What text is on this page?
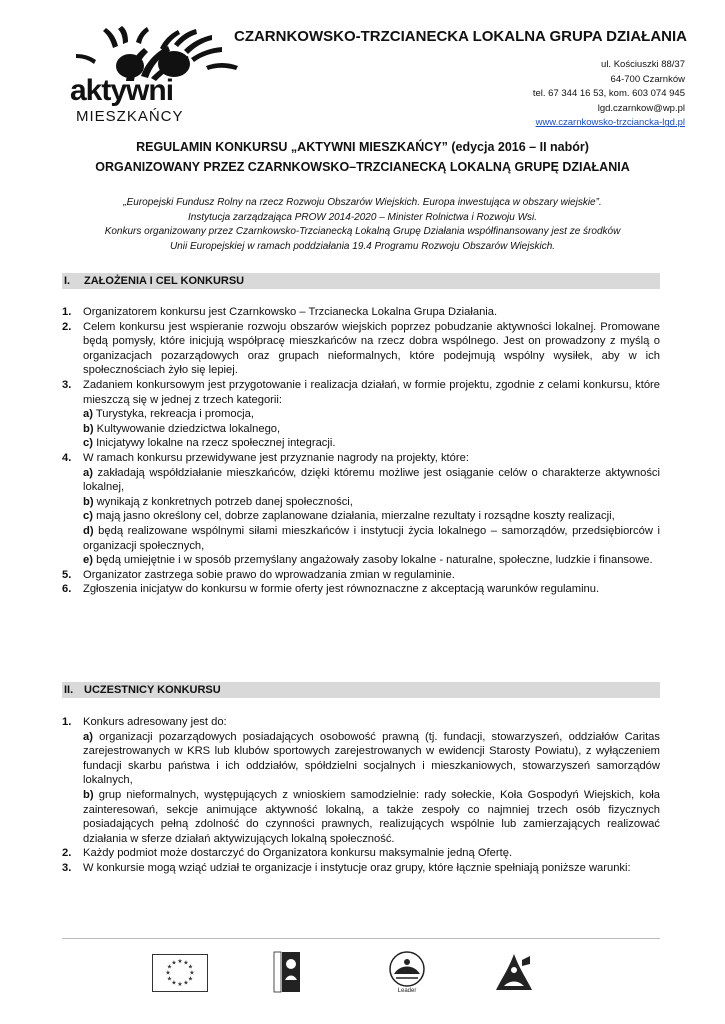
aktywni
MIESZKAŃCY
CZARNKOWSKO-TRZCIANECKA LOKALNA GRUPA DZIAŁANIA
ul. Kościuszki 88/37
64-700 Czarnków
tel. 67 344 16 53, kom. 603 074 945
lgd.czarnkow@wp.pl
www.czarnkowsko-trzciancka-lgd.pl
REGULAMIN KONKURSU „AKTYWNI MIESZKAŃCY” (edycja 2016 – II nabór)
ORGANIZOWANY PRZEZ CZARNKOWSKO–TRZCIANECKĄ LOKALNĄ GRUPĘ DZIAŁANIA
„Europejski Fundusz Rolny na rzecz Rozwoju Obszarów Wiejskich. Europa inwestująca w obszary wiejskie”.
Instytucja zarządzająca PROW 2014-2020 – Minister Rolnictwa i Rozwoju Wsi.
Konkurs organizowany przez Czarnkowsko-Trzcianecką Lokalną Grupę Działania współfinansowany jest ze środków
Unii Europejskiej w ramach poddziałania 19.4 Programu Rozwoju Obszarów Wiejskich.
I. ZAŁOŻENIA I CEL KONKURSU
1. Organizatorem konkursu jest Czarnkowsko – Trzcianecka Lokalna Grupa Działania.
2. Celem konkursu jest wspieranie rozwoju obszarów wiejskich poprzez pobudzanie aktywności lokalnej. Promowane będą pomysły, które inicjują współpracę mieszkańców na rzecz dobra wspólnego. Jest on prowadzony z myślą o organizacjach pozarządowych oraz grupach nieformalnych, które podejmują wspólny wysiłek, aby w ich społecznościach żyło się lepiej.
3. Zadaniem konkursowym jest przygotowanie i realizacja działań, w formie projektu, zgodnie z celami konkursu, które mieszczą się w jednej z trzech kategorii:
a) Turystyka, rekreacja i promocja,
b) Kultywowanie dziedzictwa lokalnego,
c) Inicjatywy lokalne na rzecz społecznej integracji.
4. W ramach konkursu przewidywane jest przyznanie nagrody na projekty, które:
a) zakładają współdziałanie mieszkańców, dzięki któremu możliwe jest osiąganie celów o charakterze aktywności lokalnej,
b) wynikają z konkretnych potrzeb danej społeczności,
c) mają jasno określony cel, dobrze zaplanowane działania, mierzalne rezultaty i rozsądne koszty realizacji,
d) będą realizowane wspólnymi siłami mieszkańców i instytucji życia lokalnego – samorządów, przedsiębiorców i organizacji społecznych,
e) będą umiejętnie i w sposób przemyślany angażowały zasoby lokalne - naturalne, społeczne, ludzkie i finansowe.
5. Organizator zastrzega sobie prawo do wprowadzania zmian w regulaminie.
6. Zgłoszenia inicjatyw do konkursu w formie oferty jest równoznaczne z akceptacją warunków regulaminu.
II. UCZESTNICY KONKURSU
1. Konkurs adresowany jest do:
a) organizacji pozarządowych posiadających osobowość prawną (tj. fundacji, stowarzyszeń, oddziałów Caritas zarejestrowanych w KRS lub klubów sportowych zarejestrowanych w ewidencji Starosty Powiatu), z wyłączeniem fundacji skarbu państwa i ich oddziałów, spółdzielni socjalnych i mieszkaniowych, stowarzyszeń samorządów lokalnych,
b) grup nieformalnych, występujących z wnioskiem samodzielnie: rady sołeckie, Koła Gospodyń Wiejskich, koła zainteresowań, sekcje animujące aktywność lokalną, a także zespoły co najmniej trzech osób fizycznych posiadających pełną zdolność do czynności prawnych, realizujących wspólnie lub zamierzających realizować działania w sferze działań aktywizujących lokalną społeczność.
2. Każdy podmiot może dostarczyć do Organizatora konkursu maksymalnie jedną Ofertę.
3. W konkursie mogą wziąć udział te organizacje i instytucje oraz grupy, które łącznie spełniają poniższe warunki:
★ ★
★
★
★
★
★
★
★
★
★
★
Leader
